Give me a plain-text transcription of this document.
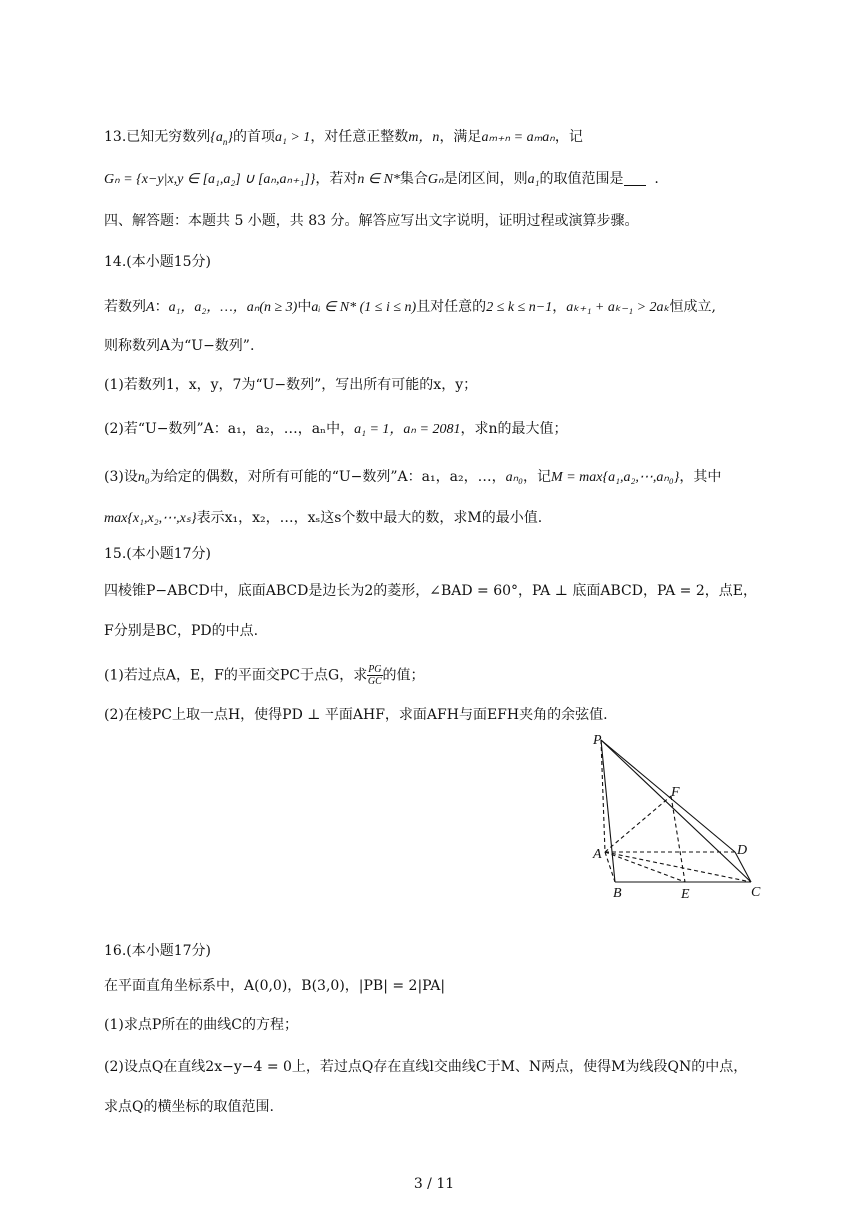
13.已知无穷数列$\{a_n\}$的首项a₁ > 1，对任意正整数m，n，满足aₘ₊ₙ = aₘaₙ，记
Gₙ = {x−y|x,y ∈ [a₁,a₂] ∪ [aₙ,aₙ₊₁]}，若对n ∈ N*集合Gₙ是闭区间，则a₁的取值范围是 .
四、解答题：本题共 5 小题，共 83 分。解答应写出文字说明，证明过程或演算步骤。
14.(本小题15分)
若数列A：a₁，a₂，…，aₙ(n ≥ 3)中aᵢ ∈ N* (1 ≤ i ≤ n)且对任意的2 ≤ k ≤ n−1，aₖ₊₁ + aₖ₋₁ > 2aₖ恒成立,
则称数列A为“U−数列”.
(1)若数列1，x，y，7为“U−数列”，写出所有可能的x，y；
(2)若“U−数列”A：a₁，a₂，…，aₙ中，a₁ = 1，aₙ = 2081，求n的最大值；
(3)设n₀为给定的偶数，对所有可能的“U−数列”A：a₁，a₂，…，aₙ₀，记M = max{a₁,a₂,⋯,aₙ₀}，其中
max{x₁,x₂,⋯,xₛ}表示x₁，x₂，…，xₛ这s个数中最大的数，求M的最小值.
15.(本小题17分)
四棱锥P−ABCD中，底面ABCD是边长为2的菱形，∠BAD = 60°，PA ⊥ 底面ABCD，PA = 2，点E，
F分别是BC，PD的中点.
(1)若过点A，E，F的平面交PC于点G，求 $\frac{PG}{GC}$ 的值；
(2)在棱PC上取一点H，使得PD ⊥ 平面AHF，求面AFH与面EFH夹角的余弦值.
P
F
D
A
B	E	C
16.(本小题17分)
在平面直角坐标系中，A(0,0)，B(3,0)，|PB| = 2|PA|
(1)求点P所在的曲线C的方程；
(2)设点Q在直线2x−y−4 = 0上，若过点Q存在直线l交曲线C于M、N两点，使得M为线段QN的中点，
求点Q的横坐标的取值范围.
3 / 11
